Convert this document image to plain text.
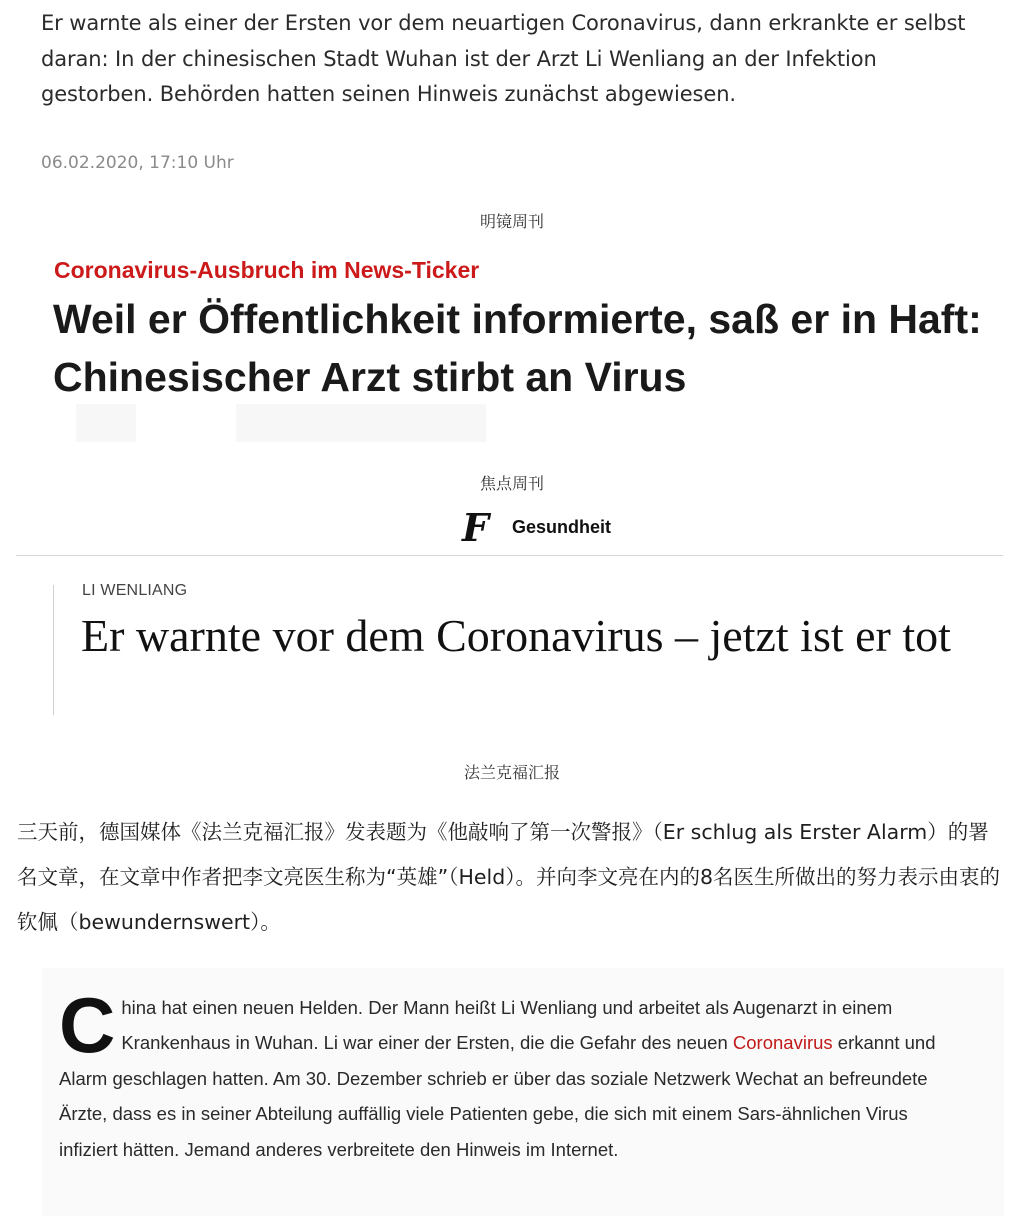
Er warnte als einer der Ersten vor dem neuartigen Coronavirus, dann erkrankte er selbst daran: In der chinesischen Stadt Wuhan ist der Arzt Li Wenliang an der Infektion gestorben. Behörden hatten seinen Hinweis zunächst abgewiesen.
06.02.2020, 17:10 Uhr
明镜周刊
Coronavirus-Ausbruch im News-Ticker
Weil er Öffentlichkeit informierte, saß er in Haft: Chinesischer Arzt stirbt an Virus
焦点周刊
F	Gesundheit
LI WENLIANG
Er warnte vor dem Coronavirus – jetzt ist er tot
法兰克福汇报
三天前，德国媒体《法兰克福汇报》发表题为《他敲响了第一次警报》（Er schlug als Erster Alarm）的署名文章，在文章中作者把李文亮医生称为“英雄”（Held）。并向李文亮在内的8名医生所做出的努力表示由衷的钦佩（bewundernswert）。
China hat einen neuen Helden. Der Mann heißt Li Wenliang und arbeitet als Augenarzt in einem Krankenhaus in Wuhan. Li war einer der Ersten, die die Gefahr des neuen Coronavirus erkannt und Alarm geschlagen hatten. Am 30. Dezember schrieb er über das soziale Netzwerk Wechat an befreundete Ärzte, dass es in seiner Abteilung auffällig viele Patienten gebe, die sich mit einem Sars-ähnlichen Virus infiziert hätten. Jemand anderes verbreitete den Hinweis im Internet.
